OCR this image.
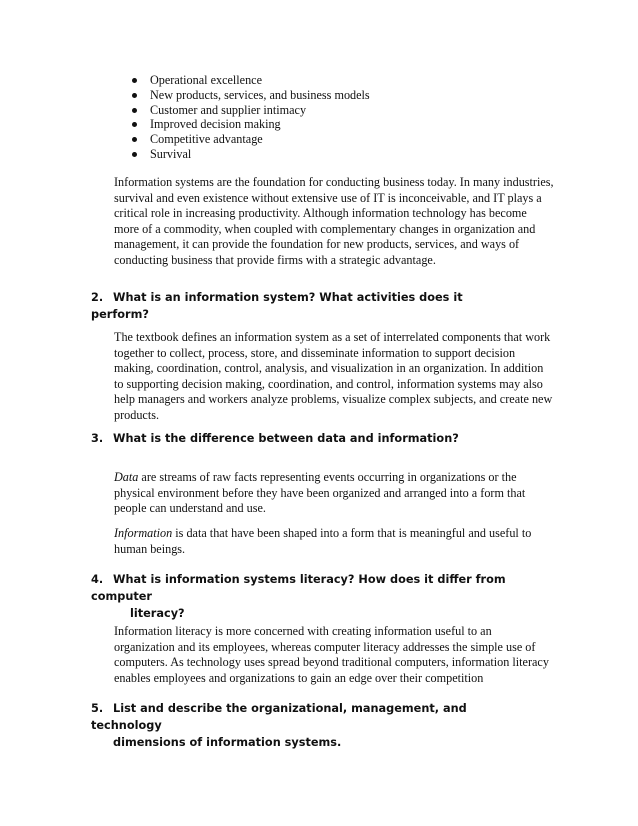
Operational excellence
New products, services, and business models
Customer and supplier intimacy
Improved decision making
Competitive advantage
Survival

Information systems are the foundation for conducting business today. In many industries, survival and even existence without extensive use of IT is inconceivable, and IT plays a critical role in increasing productivity. Although information technology has become more of a commodity, when coupled with complementary changes in organization and management, it can provide the foundation for new products, services, and ways of conducting business that provide firms with a strategic advantage.

2. What is an information system? What activities does it perform?

The textbook defines an information system as a set of interrelated components that work together to collect, process, store, and disseminate information to support decision making, coordination, control, analysis, and visualization in an organization. In addition to supporting decision making, coordination, and control, information systems may also help managers and workers analyze problems, visualize complex subjects, and create new products.

3. What is the difference between data and information?

Data are streams of raw facts representing events occurring in organizations or the physical environment before they have been organized and arranged into a form that people can understand and use.

Information is data that have been shaped into a form that is meaningful and useful to human beings.

4. What is information systems literacy? How does it differ from computer
literacy?

Information literacy is more concerned with creating information useful to an organization and its employees, whereas computer literacy addresses the simple use of computers. As technology uses spread beyond traditional computers, information literacy enables employees and organizations to gain an edge over their competition

5. List and describe the organizational, management, and technology
dimensions of information systems.
